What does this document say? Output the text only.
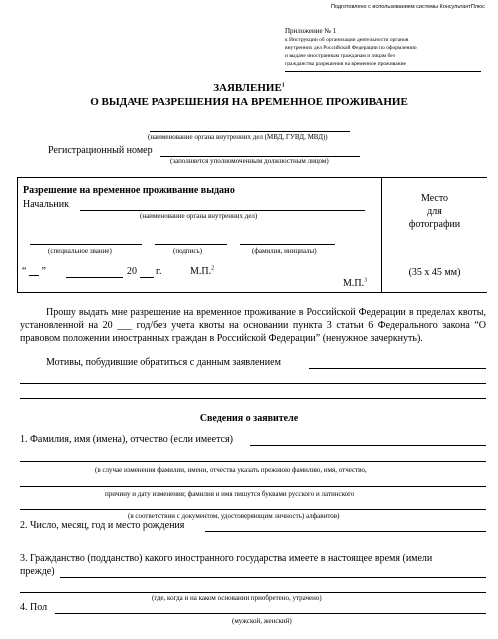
Подготовлено с использованием системы КонсультантПлюс
Приложение № 1
к Инструкции об организации деятельности органов
внутренних дел Российской Федерации по оформлению
и выдаче иностранным гражданам и лицам без
гражданства разрешения на временное проживание
ЗАЯВЛЕНИЕ$^1$
О ВЫДАЧЕ РАЗРЕШЕНИЯ НА ВРЕМЕННОЕ ПРОЖИВАНИЕ
(наименование органа внутренних дел (МВД, ГУВД, МВД))
Регистрационный номер
(заполняется уполномоченным должностным лицом)
Разрешение на временное проживание выдано
Начальник
(наименование органа внутренних дел)
(специальное звание)	(подпись)	(фамилия, инициалы)
“ __ ”	20 г.	М.П.$^2$
М.П.$^3$
Место
для
фотографии
(35 х 45 мм)
Прошу выдать мне разрешение на временное проживание в Российской Федерации в пределах квоты, установленной на 20 ___ год/без учета квоты на основании пункта 3 статьи 6 Федерального закона “О правовом положении иностранных граждан в Российской Федерации” (ненужное зачеркнуть).
Мотивы, побудившие обратиться с данным заявлением
Сведения о заявителе
1. Фамилия, имя (имена), отчество (если имеется)
(в случае изменения фамилии, имени, отчества указать прежнюю фамилию, имя, отчество,
причину и дату изменения; фамилия и имя пишутся буквами русского и латинского
(в соответствии с документом, удостоверяющим личность) алфавитов)
2. Число, месяц, год и место рождения
3. Гражданство (подданство) какого иностранного государства имеете в настоящее время (имели
прежде)
(где, когда и на каком основании приобретено, утрачено)
4. Пол
(мужской, женский)
